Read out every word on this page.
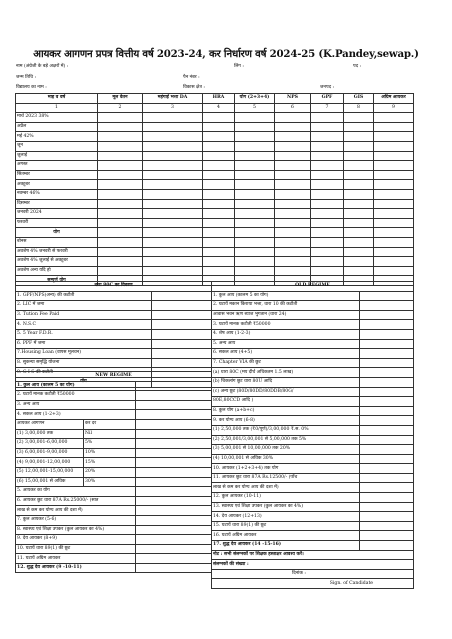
आयकर आगणन प्रपत्र वित्तीय वर्ष 2023-24, कर निर्धारण वर्ष 2024-25 (K.Pandey,sewap.)
नाम (अंग्रेजी के बड़े अक्षरों में) :	लिंग :	पद :
जन्म तिथि :	पैन नंबर :
विद्यालय का नाम :	विकास क्षेत्र :	जनपद :
माह व वर्ष	मूल वेतन	महंगाई भत्ता DA	HRA	योग (2+3+4)	NPS	GPF	GIS	अग्रिम आयकर
1	2	3	4	5	6	7	8	9
मार्च 2023 38%								
अप्रैल								
मई 42%								
जून								
जुलाई								
अगस्त								
सितम्बर								
अक्टूबर								
नवम्बर 46%								
दिसम्बर								
जनवरी 2024								
फरवरी								
योग								
बोनस								
अवशेष 4% जनवरी से फरवरी								
अवशेष 4% जुलाई से अक्टूबर								
अवशेष अन्य यदि हो								
सम्पूर्ण योग								
धारा 80C का विवरण	
1. GPF/NPS(अन्य) की कटौती	
2. LIC में जमा	
3. Tution Fee Paid	
4. N.S.C	
5. 5 Year F.D.R.	
6. PPF में जमा	
7.Housing Loan (वापस मूलधन)	
8. सुकन्या समृद्धि योजना	
9. G I S की कटौती	
योग	
NEW REGIME		
1. कुल आय (कालम 5 का योग)		
2. घटायें मानक कटौती ₹50000		
3. अन्य आय		
4. सकल आय (1-2+3)		
आयकर आगणन	कर दर	
(1) 3,00,000 तक	Nil	
(2) 3,00,001-6,00,000	5%	
(3) 6,00,001-9,00,000	10%	
(4) 9,00,001-12,00,000	15%	
(5) 12,00,001-15,00,000	20%	
(6) 15,00,001 से अधिक	30%	
5. आयकर का योग		
6. आयकर छूट धारा 87A Rs.25000/- (सात		
लाख से कम कर योग्य आय की दशा में)		
7. कुल आयकर (5-6)		
8. स्वास्थ्य एवं शिक्षा उपकर (कुल आयकर का 4%)		
9. देय आयकर (8+9)		
10. घटायें धारा 89(1) की छूट		
11. घटायें अग्रिम आयकर		
12. शुद्ध देय आयकर (9 -10-11)		
OLD REGIME	
1. कुल आय (कालम 5 का योग)	
2. घटायें मकान किराया भत्ता, धारा 10 की कटौती	
आवास भवन ऋण ब्याज भुगतान (धारा 24)	
3. घटायें मानक कटौती ₹50000	
4. शेष आय (1-2-3)	
5. अन्य आय	
6. सकल आय (4+5)	
7. Chapter VIA की छूट	
(a) धारा 80C (मय दीर्घ अधिकतम 1.5 लाख)	
(b) चिकलांग छूट धारा 80U आदि	
(c) अन्य छूट (80D/80DD/80DDB/80G/	
80E,80CCD आदि )	
8. कुल योग (a+b+c)	
9. कर योग्य आय (6-8)	
(1) 2,50,000 तक (₹0/पूर्ण)/3,00,000 ₹.स. 0%	
(2) 2,50,001/3,00,001 से 5,00,000 तक 5%	
(3) 5,00,001 से 10,00,000 तक 20%	
(4) 10,00,001 से अधिक 30%	
10. आयकर (1+2+3+4) तक योग	
11. आयकर छूट धारा 87A Rs.12500/- (पाँच	
लाख से कम कर योग्य आय की दशा में)	
12. कुल आयकर (10-11)	
13. स्वास्थ्य एवं शिक्षा उपकर (कुल आयकर का 4%)	
14. देय आयकर (12+13)	
15. घटायें धारा 89(1) की छूट	
16. घटायें अग्रिम आयकर	
17. शुद्ध देय आयकर (14 -15-16)	
नोट : सभी संलग्नकों पर शिक्षक हस्ताक्षर आवश्य करें।	
संलग्नकों की संख्या :	
दिनांक :	
Sign. of Candidate	
